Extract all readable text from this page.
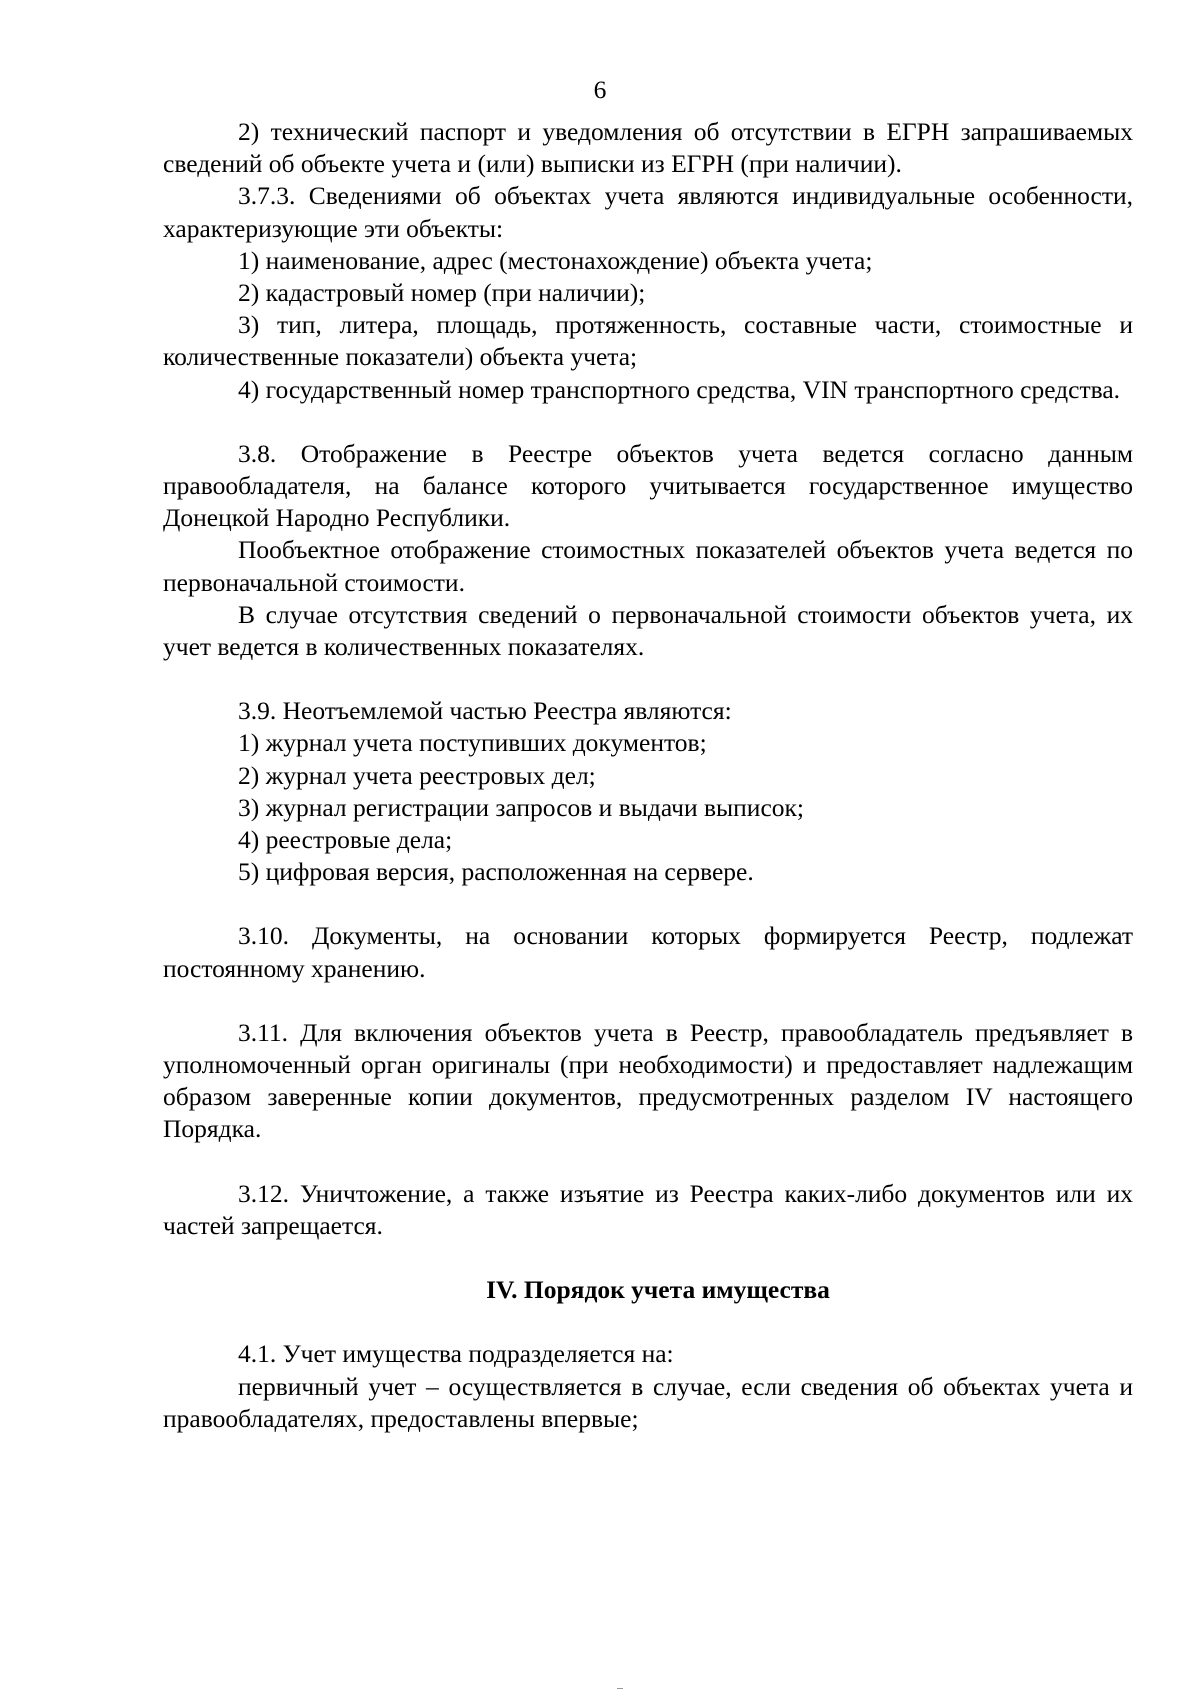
6

2) технический паспорт и уведомления об отсутствии в ЕГРН запрашиваемых сведений об объекте учета и (или) выписки из ЕГРН (при наличии).

3.7.3. Сведениями об объектах учета являются индивидуальные особенности, характеризующие эти объекты:

1) наименование, адрес (местонахождение) объекта учета;

2) кадастровый номер (при наличии);

3) тип, литера, площадь, протяженность, составные части, стоимостные и количественные показатели) объекта учета;

4) государственный номер транспортного средства, VIN транспортного средства.

3.8. Отображение в Реестре объектов учета ведется согласно данным правообладателя, на балансе которого учитывается государственное имущество Донецкой Народно Республики.

Пообъектное отображение стоимостных показателей объектов учета ведется по первоначальной стоимости.

В случае отсутствия сведений о первоначальной стоимости объектов учета, их учет ведется в количественных показателях.

3.9. Неотъемлемой частью Реестра являются:

1) журнал учета поступивших документов;

2) журнал учета реестровых дел;

3) журнал регистрации запросов и выдачи выписок;

4) реестровые дела;

5) цифровая версия, расположенная на сервере.

3.10. Документы, на основании которых формируется Реестр, подлежат постоянному хранению.

3.11. Для включения объектов учета в Реестр, правообладатель предъявляет в уполномоченный орган оригиналы (при необходимости) и предоставляет надлежащим образом заверенные копии документов, предусмотренных разделом IV настоящего Порядка.

3.12. Уничтожение, а также изъятие из Реестра каких-либо документов или их частей запрещается.

IV. Порядок учета имущества

4.1. Учет имущества подразделяется на:

первичный учет – осуществляется в случае, если сведения об объектах учета и правообладателях, предоставлены впервые;
